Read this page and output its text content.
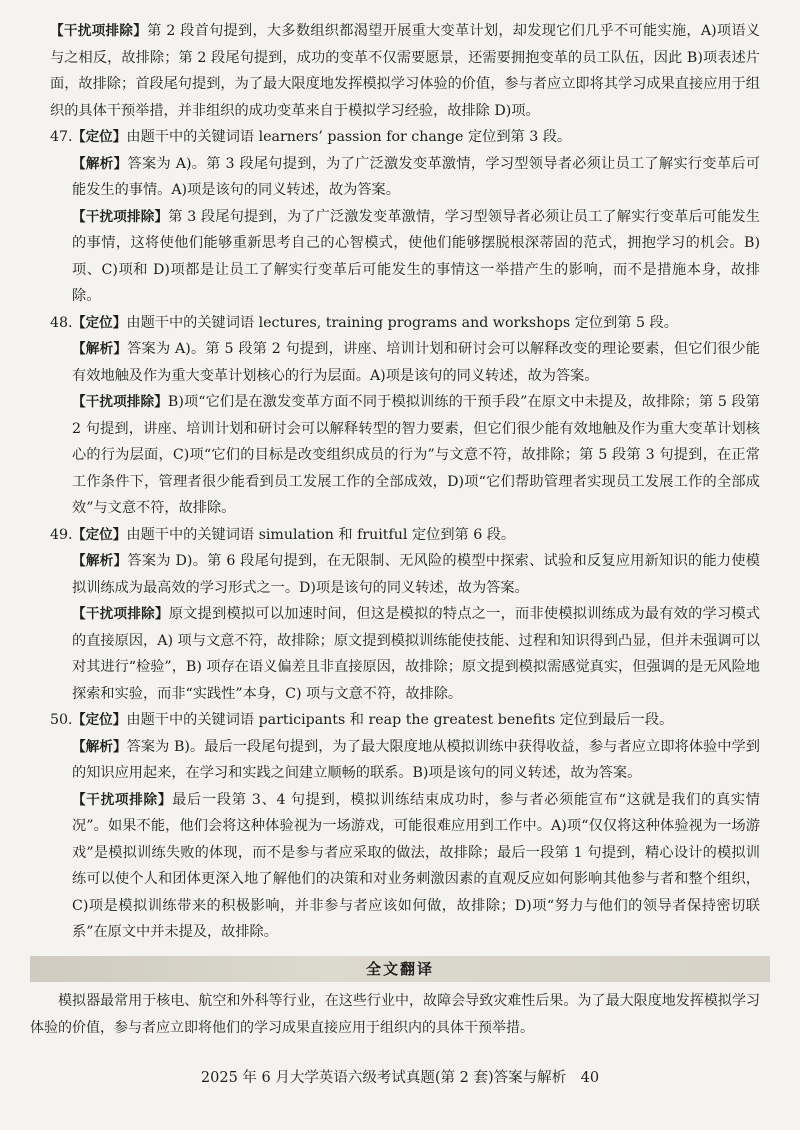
【干扰项排除】第 2 段首句提到，大多数组织都渴望开展重大变革计划，却发现它们几乎不可能实施，A)项语义与之相反，故排除；第 2 段尾句提到，成功的变革不仅需要愿景，还需要拥抱变革的员工队伍，因此 B)项表述片面，故排除；首段尾句提到，为了最大限度地发挥模拟学习体验的价值，参与者应立即将其学习成果直接应用于组织的具体干预举措，并非组织的成功变革来自于模拟学习经验，故排除 D)项。

47.【定位】由题干中的关键词语 learners’ passion for change 定位到第 3 段。

【解析】答案为 A)。第 3 段尾句提到，为了广泛激发变革激情，学习型领导者必须让员工了解实行变革后可能发生的事情。A)项是该句的同义转述，故为答案。

【干扰项排除】第 3 段尾句提到，为了广泛激发变革激情，学习型领导者必须让员工了解实行变革后可能发生的事情，这将使他们能够重新思考自己的心智模式，使他们能够摆脱根深蒂固的范式，拥抱学习的机会。B)项、C)项和 D)项都是让员工了解实行变革后可能发生的事情这一举措产生的影响，而不是措施本身，故排除。

48.【定位】由题干中的关键词语 lectures, training programs and workshops 定位到第 5 段。

【解析】答案为 A)。第 5 段第 2 句提到，讲座、培训计划和研讨会可以解释改变的理论要素，但它们很少能有效地触及作为重大变革计划核心的行为层面。A)项是该句的同义转述，故为答案。

【干扰项排除】B)项“它们是在激发变革方面不同于模拟训练的干预手段”在原文中未提及，故排除；第 5 段第 2 句提到，讲座、培训计划和研讨会可以解释转型的智力要素，但它们很少能有效地触及作为重大变革计划核心的行为层面，C)项“它们的目标是改变组织成员的行为”与文意不符，故排除；第 5 段第 3 句提到，在正常工作条件下，管理者很少能看到员工发展工作的全部成效，D)项“它们帮助管理者实现员工发展工作的全部成效”与文意不符，故排除。

49.【定位】由题干中的关键词语 simulation 和 fruitful 定位到第 6 段。

【解析】答案为 D)。第 6 段尾句提到，在无限制、无风险的模型中探索、试验和反复应用新知识的能力使模拟训练成为最高效的学习形式之一。D)项是该句的同义转述，故为答案。

【干扰项排除】原文提到模拟可以加速时间，但这是模拟的特点之一，而非使模拟训练成为最有效的学习模式的直接原因，A) 项与文意不符，故排除；原文提到模拟训练能使技能、过程和知识得到凸显，但并未强调可以对其进行“检验”，B) 项存在语义偏差且非直接原因，故排除；原文提到模拟需感觉真实，但强调的是无风险地探索和实验，而非“实践性”本身，C) 项与文意不符，故排除。

50.【定位】由题干中的关键词语 participants 和 reap the greatest benefits 定位到最后一段。

【解析】答案为 B)。最后一段尾句提到，为了最大限度地从模拟训练中获得收益，参与者应立即将体验中学到的知识应用起来，在学习和实践之间建立顺畅的联系。B)项是该句的同义转述，故为答案。

【干扰项排除】最后一段第 3、4 句提到，模拟训练结束成功时，参与者必须能宣布“这就是我们的真实情况”。如果不能，他们会将这种体验视为一场游戏，可能很难应用到工作中。A)项“仅仅将这种体验视为一场游戏”是模拟训练失败的体现，而不是参与者应采取的做法，故排除；最后一段第 1 句提到，精心设计的模拟训练可以使个人和团体更深入地了解他们的决策和对业务刺激因素的直观反应如何影响其他参与者和整个组织，C)项是模拟训练带来的积极影响，并非参与者应该如何做，故排除；D)项“努力与他们的领导者保持密切联系”在原文中并未提及，故排除。

全文翻译

模拟器最常用于核电、航空和外科等行业，在这些行业中，故障会导致灾难性后果。为了最大限度地发挥模拟学习体验的价值，参与者应立即将他们的学习成果直接应用于组织内的具体干预举措。

2025 年 6 月大学英语六级考试真题(第 2 套)答案与解析　40
